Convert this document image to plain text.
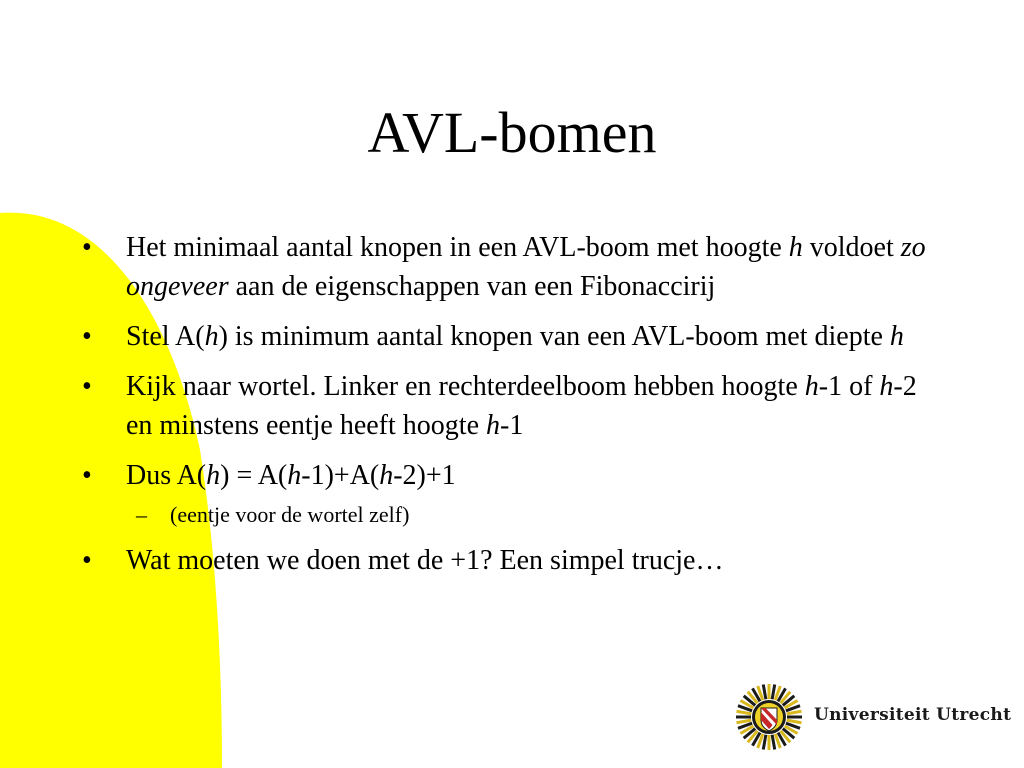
AVL-bomen
•	Het minimaal aantal knopen in een AVL-boom met hoogte h voldoet zo ongeveer aan de eigenschappen van een Fibonaccirij
•	Stel A(h) is minimum aantal knopen van een AVL-boom met diepte h
•	Kijk naar wortel. Linker en rechterdeelboom hebben hoogte h-1 of h-2 en minstens eentje heeft hoogte h-1
•	Dus A(h) = A(h-1)+A(h-2)+1
– (eentje voor de wortel zelf)
•	Wat moeten we doen met de +1? Een simpel trucje…
Universiteit Utrecht
